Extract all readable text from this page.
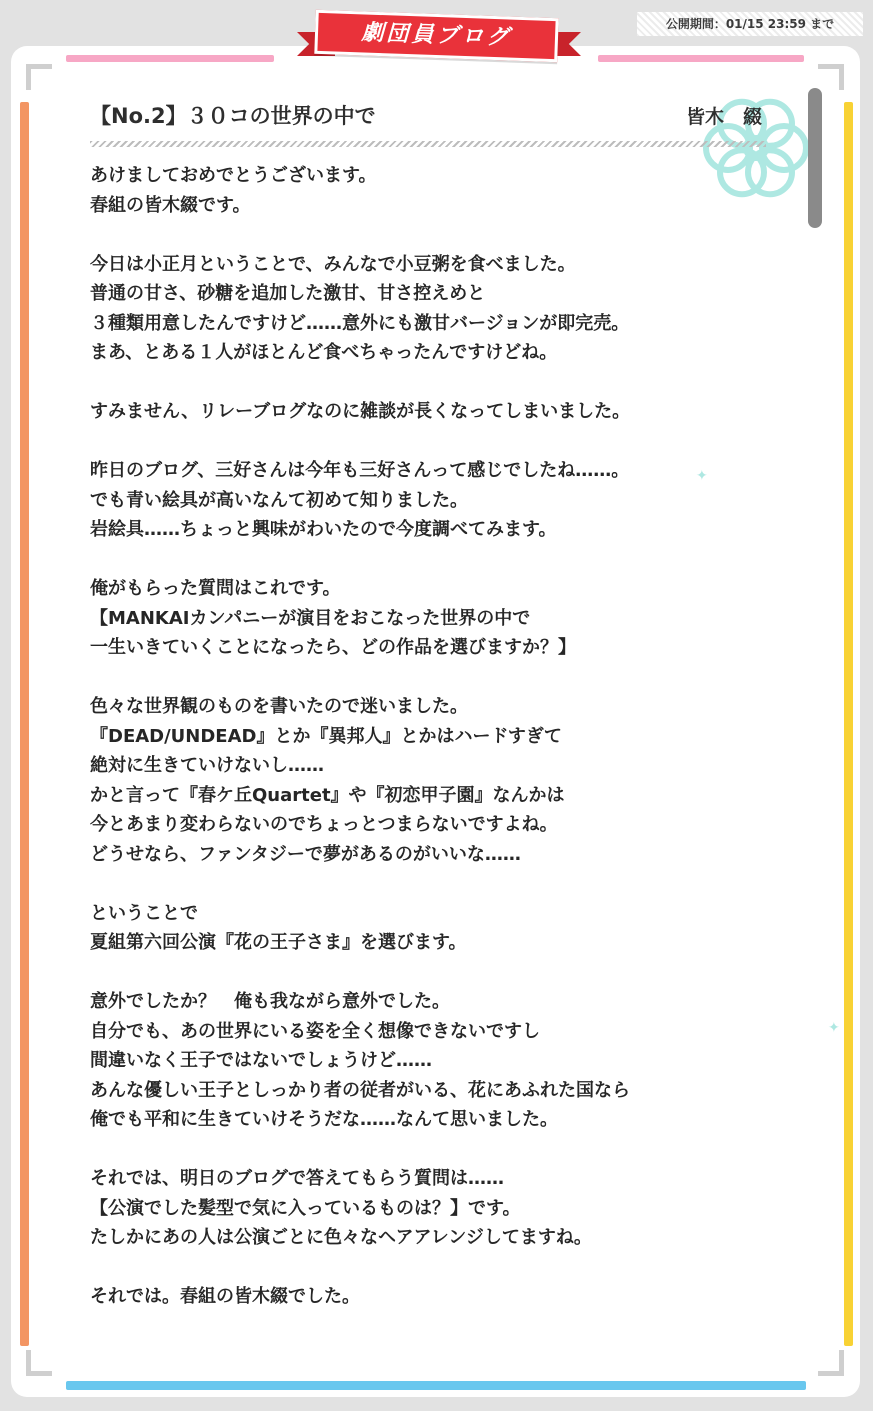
公開期間：01/15 23:59 まで
劇団員ブログ
✦
✦
【No.2】３０コの世界の中で	皆木　綴
あけましておめでとうございます。
春組の皆木綴です。
今日は小正月ということで、みんなで小豆粥を食べました。
普通の甘さ、砂糖を追加した激甘、甘さ控えめと
３種類用意したんですけど……意外にも激甘バージョンが即完売。
まあ、とある１人がほとんど食べちゃったんですけどね。
すみません、リレーブログなのに雑談が長くなってしまいました。
昨日のブログ、三好さんは今年も三好さんって感じでしたね……。
でも青い絵具が高いなんて初めて知りました。
岩絵具……ちょっと興味がわいたので今度調べてみます。
俺がもらった質問はこれです。
【MANKAIカンパニーが演目をおこなった世界の中で
一生いきていくことになったら、どの作品を選びますか？】
色々な世界観のものを書いたので迷いました。
『DEAD/UNDEAD』とか『異邦人』とかはハードすぎて
絶対に生きていけないし……
かと言って『春ケ丘Quartet』や『初恋甲子園』なんかは
今とあまり変わらないのでちょっとつまらないですよね。
どうせなら、ファンタジーで夢があるのがいいな……
ということで
夏組第六回公演『花の王子さま』を選びます。
意外でしたか？　俺も我ながら意外でした。
自分でも、あの世界にいる姿を全く想像できないですし
間違いなく王子ではないでしょうけど……
あんな優しい王子としっかり者の従者がいる、花にあふれた国なら
俺でも平和に生きていけそうだな……なんて思いました。
それでは、明日のブログで答えてもらう質問は……
【公演でした髪型で気に入っているものは？】です。
たしかにあの人は公演ごとに色々なヘアアレンジしてますね。
それでは。春組の皆木綴でした。
